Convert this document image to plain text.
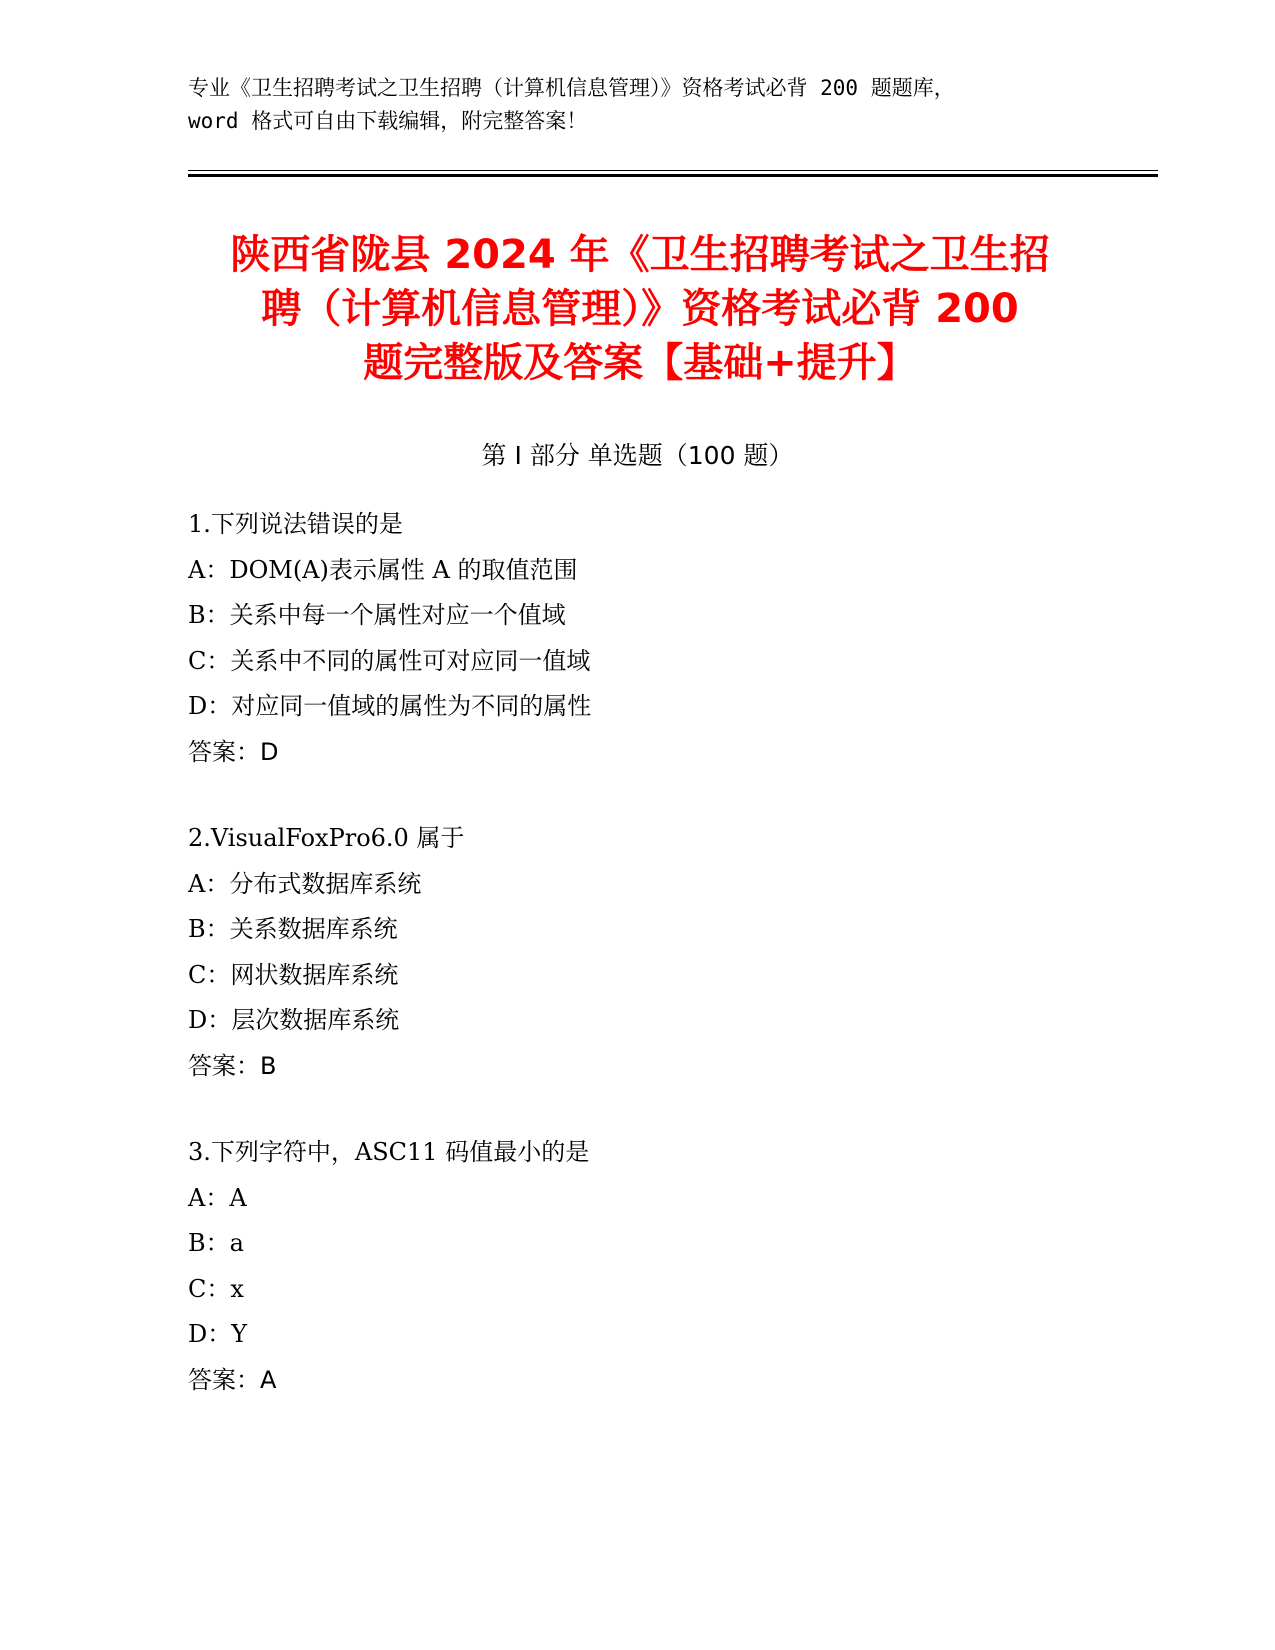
专业《卫生招聘考试之卫生招聘（计算机信息管理）》资格考试必背 200 题题库，
word 格式可自由下载编辑，附完整答案！
陕西省陇县 2024 年《卫生招聘考试之卫生招
聘（计算机信息管理）》资格考试必背 200
题完整版及答案【基础+提升】
第 I 部分 单选题（100 题）
1.下列说法错误的是
A：DOM(A)表示属性 A 的取值范围
B：关系中每一个属性对应一个值域
C：关系中不同的属性可对应同一值域
D：对应同一值域的属性为不同的属性
答案：D
2.VisualFoxPro6.0 属于
A：分布式数据库系统
B：关系数据库系统
C：网状数据库系统
D：层次数据库系统
答案：B
3.下列字符中，ASC11 码值最小的是
A：A
B：a
C：x
D：Y
答案：A
